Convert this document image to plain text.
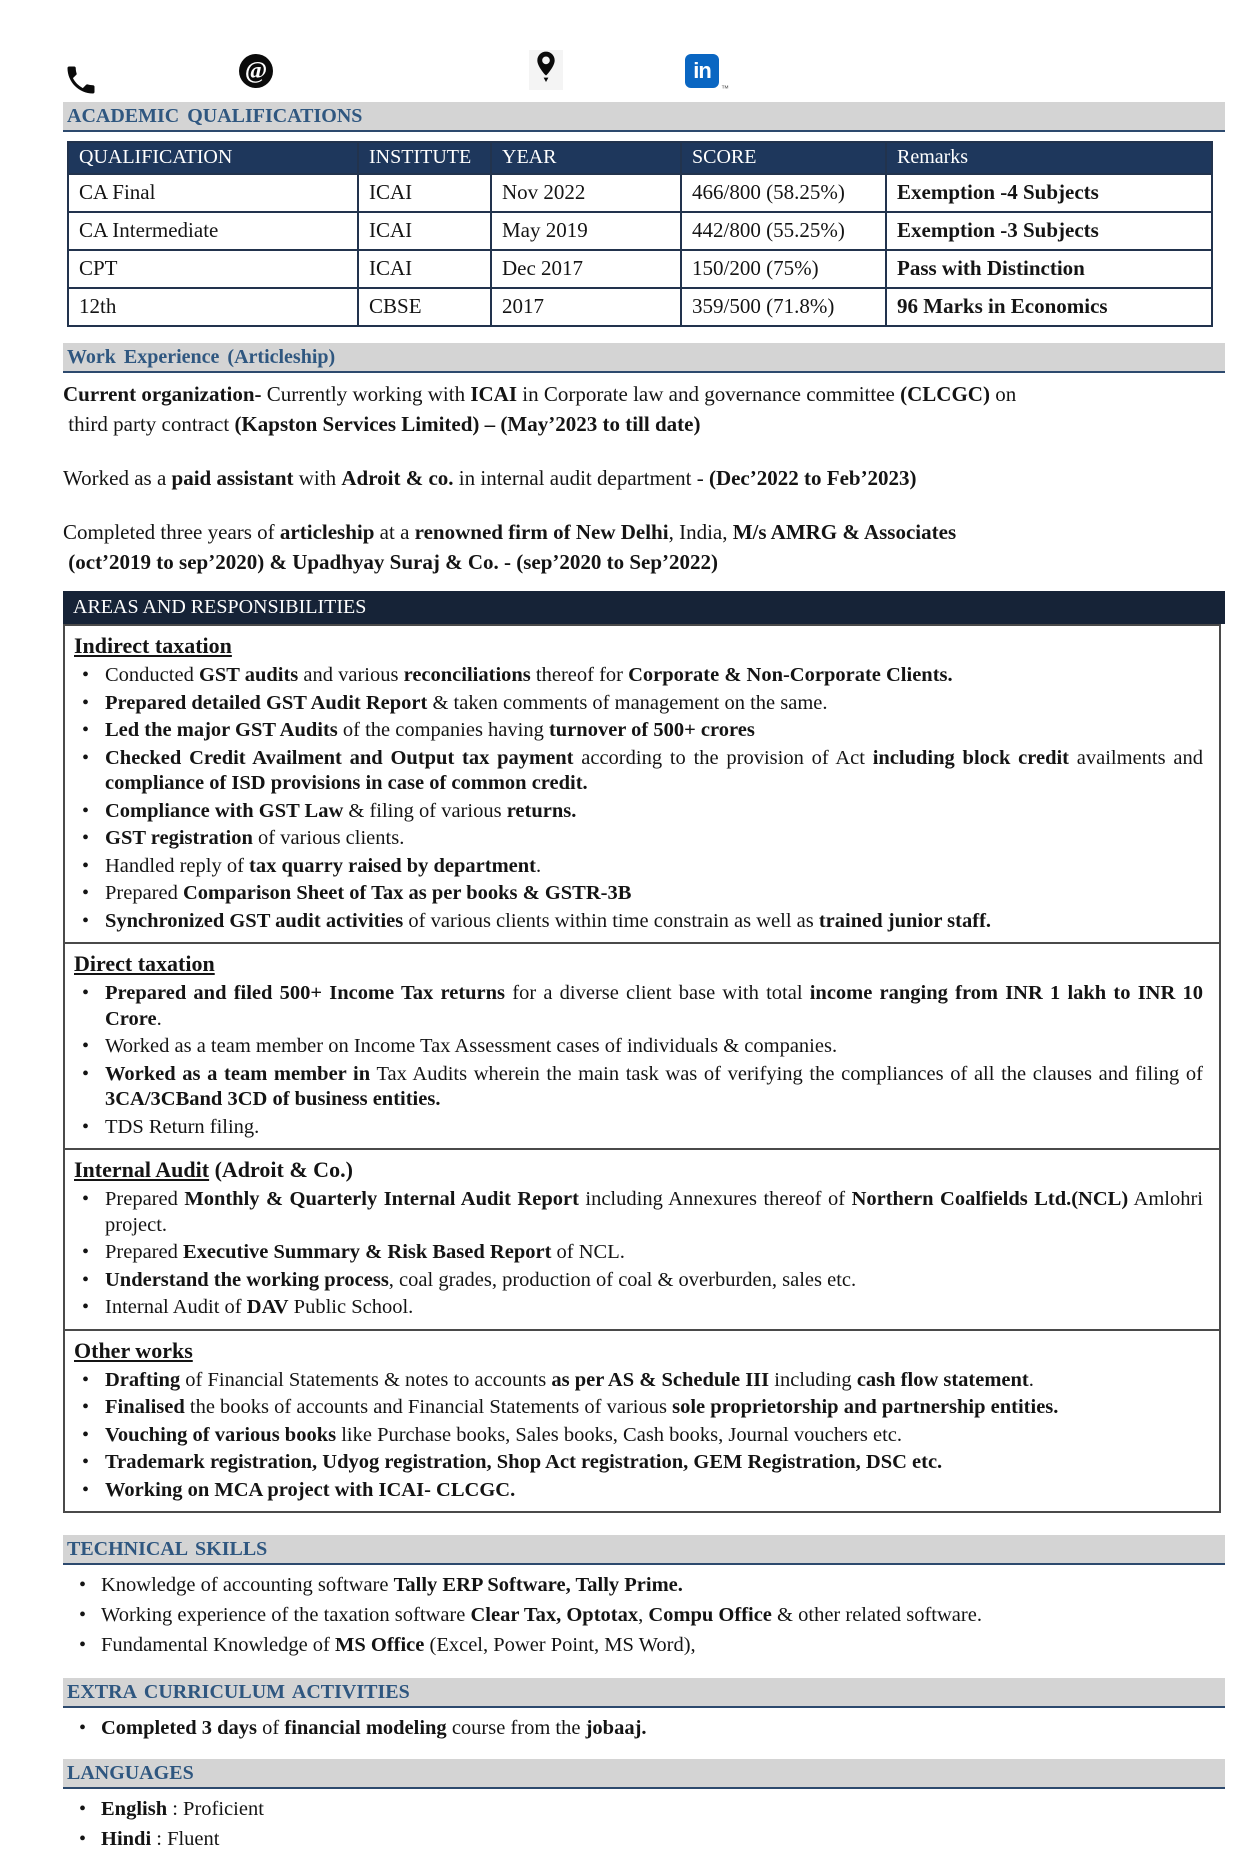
@	in
™
ACADEMIC QUALIFICATIONS
QUALIFICATION	INSTITUTE	YEAR	SCORE	Remarks
CA Final	ICAI	Nov 2022	466/800 (58.25%)	Exemption -4 Subjects
CA Intermediate	ICAI	May 2019	442/800 (55.25%)	Exemption -3 Subjects
CPT	ICAI	Dec 2017	150/200 (75%)	Pass with Distinction
12th	CBSE	2017	359/500 (71.8%)	96 Marks in Economics
Work Experience (Articleship)

Current organization- Currently working with ICAI in Corporate law and governance committee (CLCGC) on
third party contract (Kapston Services Limited) – (May’2023 to till date)

Worked as a paid assistant with Adroit & co. in internal audit department - (Dec’2022 to Feb’2023)

Completed three years of articleship at a renowned firm of New Delhi, India, M/s AMRG & Associates
(oct’2019 to sep’2020) & Upadhyay Suraj & Co. - (sep’2020 to Sep’2022)

AREAS AND RESPONSIBILITIES
Indirect taxation
• Conducted GST audits and various reconciliations thereof for Corporate & Non-Corporate Clients.
• Prepared detailed GST Audit Report & taken comments of management on the same.
• Led the major GST Audits of the companies having turnover of 500+ crores
• Checked Credit Availment and Output tax payment according to the provision of Act including block credit availments and compliance of ISD provisions in case of common credit.
• Compliance with GST Law & filing of various returns.
• GST registration of various clients.
• Handled reply of tax quarry raised by department.
• Prepared Comparison Sheet of Tax as per books & GSTR-3B
• Synchronized GST audit activities of various clients within time constrain as well as trained junior staff.
Direct taxation
• Prepared and filed 500+ Income Tax returns for a diverse client base with total income ranging from INR 1 lakh to INR 10 Crore.
• Worked as a team member on Income Tax Assessment cases of individuals & companies.
• Worked as a team member in Tax Audits wherein the main task was of verifying the compliances of all the clauses and filing of 3CA/3CBand 3CD of business entities.
• TDS Return filing.
Internal Audit (Adroit & Co.)
• Prepared Monthly & Quarterly Internal Audit Report including Annexures thereof of Northern Coalfields Ltd.(NCL) Amlohri project.
• Prepared Executive Summary & Risk Based Report of NCL.
• Understand the working process, coal grades, production of coal & overburden, sales etc.
• Internal Audit of DAV Public School.
Other works
• Drafting of Financial Statements & notes to accounts as per AS & Schedule III including cash flow statement.
• Finalised the books of accounts and Financial Statements of various sole proprietorship and partnership entities.
• Vouching of various books like Purchase books, Sales books, Cash books, Journal vouchers etc.
• Trademark registration, Udyog registration, Shop Act registration, GEM Registration, DSC etc.
• Working on MCA project with ICAI- CLCGC.
TECHNICAL SKILLS
• Knowledge of accounting software Tally ERP Software, Tally Prime.
• Working experience of the taxation software Clear Tax, Optotax, Compu Office & other related software.
• Fundamental Knowledge of MS Office (Excel, Power Point, MS Word),
EXTRA CURRICULUM ACTIVITIES
• Completed 3 days of financial modeling course from the jobaaj.
LANGUAGES
• English : Proficient
• Hindi : Fluent
